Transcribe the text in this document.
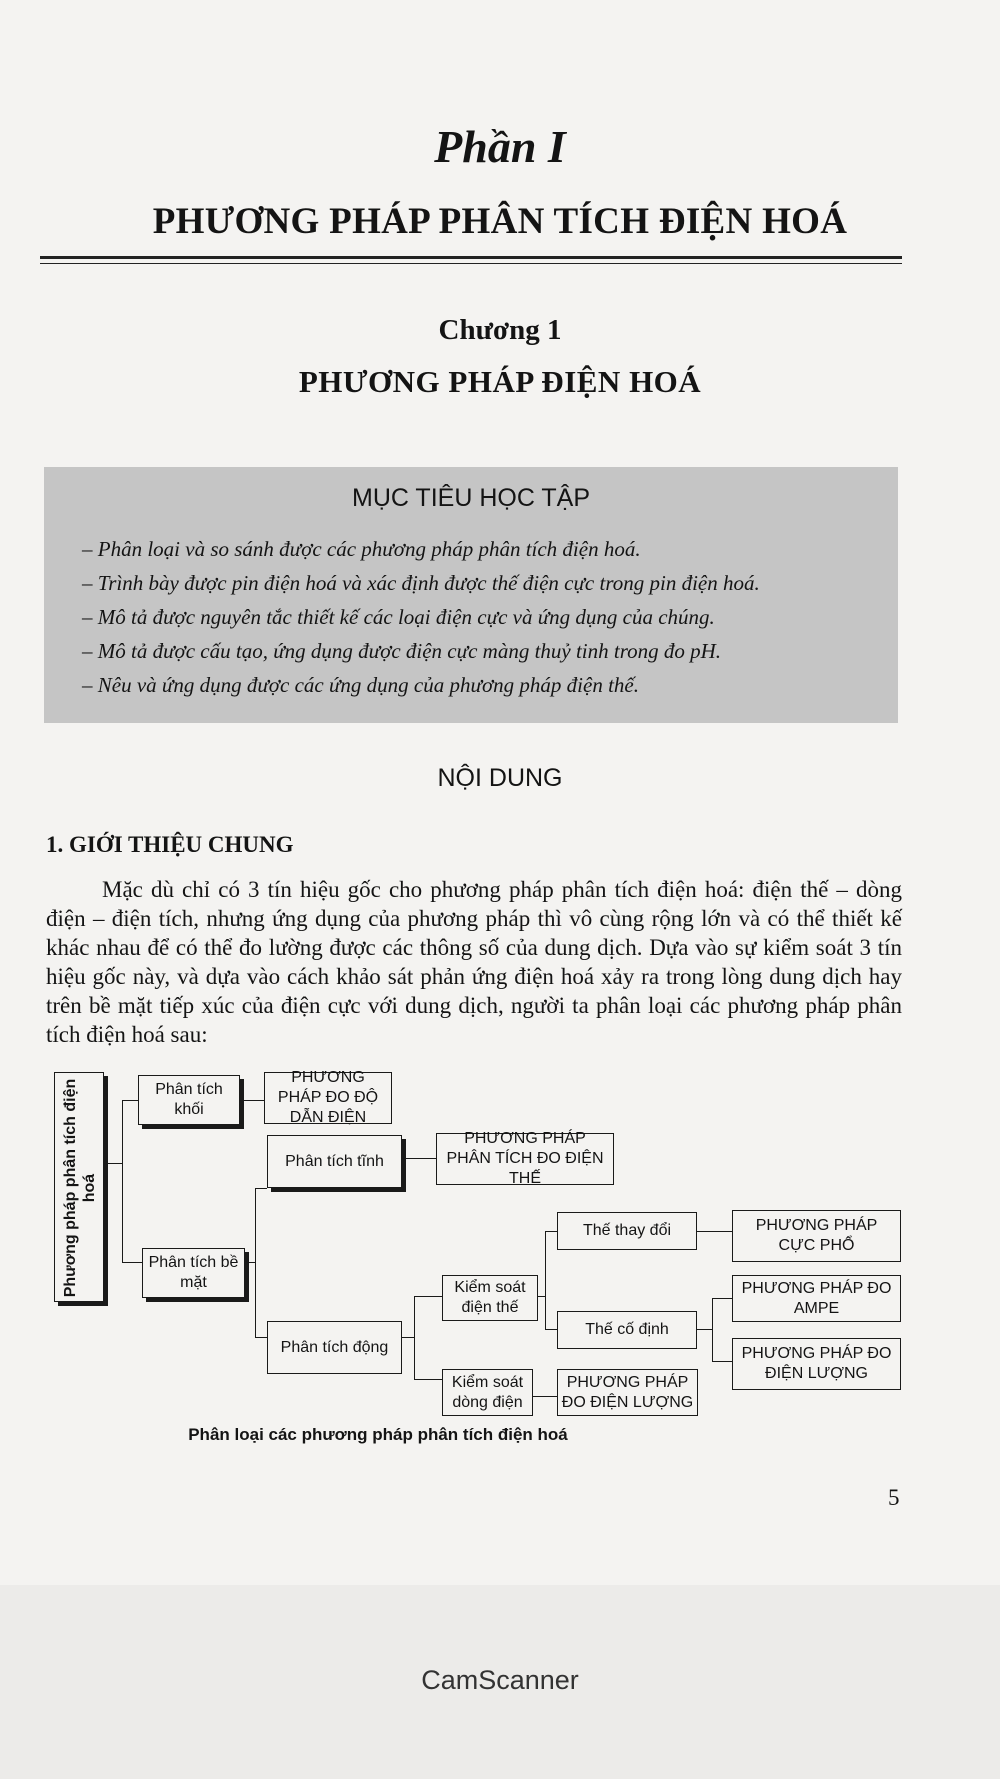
Phần I
PHƯƠNG PHÁP PHÂN TÍCH ĐIỆN HOÁ
Chương 1
PHƯƠNG PHÁP ĐIỆN HOÁ
MỤC TIÊU HỌC TẬP
– Phân loại và so sánh được các phương pháp phân tích điện hoá.
– Trình bày được pin điện hoá và xác định được thế điện cực trong pin điện hoá.
– Mô tả được nguyên tắc thiết kế các loại điện cực và ứng dụng của chúng.
– Mô tả được cấu tạo, ứng dụng được điện cực màng thuỷ tinh trong đo pH.
– Nêu và ứng dụng được các ứng dụng của phương pháp điện thế.
NỘI DUNG
1. GIỚI THIỆU CHUNG

Mặc dù chỉ có 3 tín hiệu gốc cho phương pháp phân tích điện hoá: điện thế – dòng điện – điện tích, nhưng ứng dụng của phương pháp thì vô cùng rộng lớn và có thể thiết kế khác nhau để có thể đo lường được các thông số của dung dịch. Dựa vào sự kiểm soát 3 tín hiệu gốc này, và dựa vào cách khảo sát phản ứng điện hoá xảy ra trong lòng dung dịch hay trên bề mặt tiếp xúc của điện cực với dung dịch, người ta phân loại các phương pháp phân tích điện hoá sau:

Phương pháp phân tích điện hoá
Phân tích khối
Phân tích bề mặt
PHƯƠNG PHÁP ĐO ĐỘ DẪN ĐIỆN
Phân tích tĩnh
PHƯƠNG PHÁP PHÂN TÍCH ĐO ĐIỆN THẾ
Phân tích động
Kiểm soát điện thế
Kiểm soát dòng điện
Thế thay đổi
Thế cố định
PHƯƠNG PHÁP ĐO ĐIỆN LƯỢNG
PHƯƠNG PHÁP CỰC PHỔ
PHƯƠNG PHÁP ĐO AMPE
PHƯƠNG PHÁP ĐO ĐIỆN LƯỢNG
Phân loại các phương pháp phân tích điện hoá
5
CamScanner
